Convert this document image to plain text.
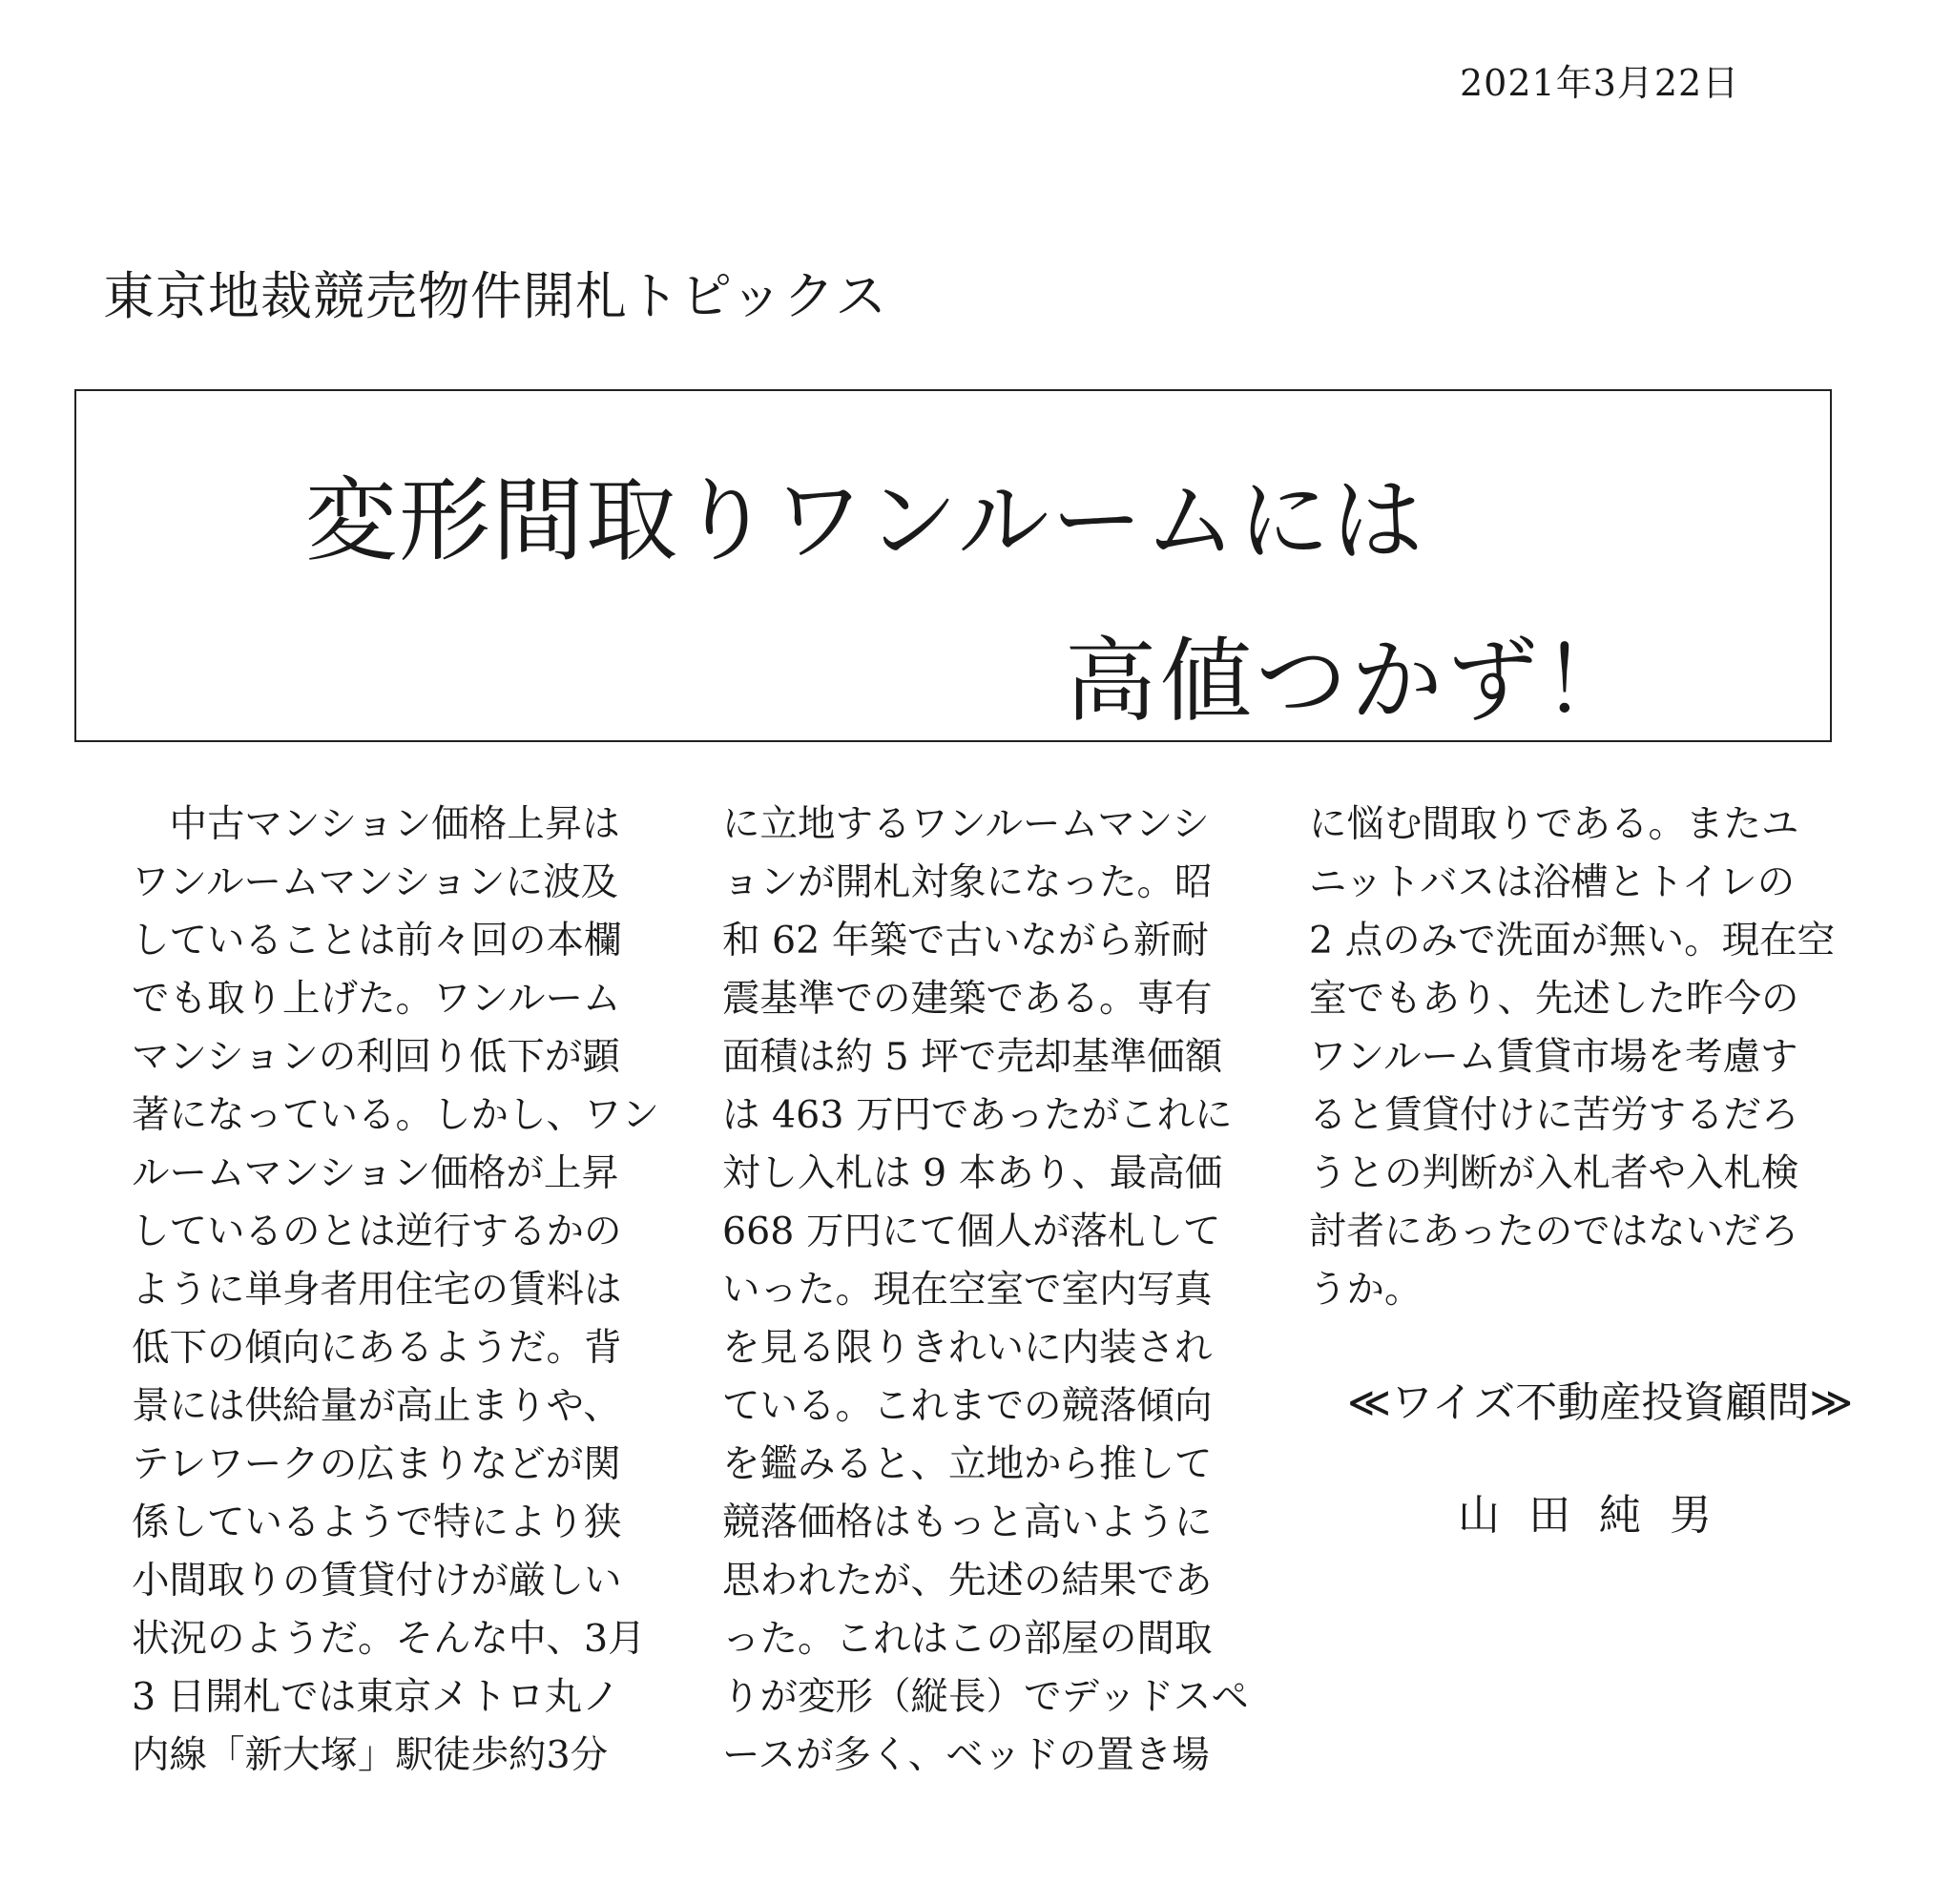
2021年3月22日
東京地裁競売物件開札トピックス
変形間取りワンルームには
高値つかず！
　中古マンション価格上昇は
ワンルームマンションに波及
していることは前々回の本欄
でも取り上げた。ワンルーム
マンションの利回り低下が顕
著になっている。しかし、ワン
ルームマンション価格が上昇
しているのとは逆行するかの
ように単身者用住宅の賃料は
低下の傾向にあるようだ。背
景には供給量が高止まりや、
テレワークの広まりなどが関
係しているようで特により狭
小間取りの賃貸付けが厳しい
状況のようだ。そんな中、3月
3 日開札では東京メトロ丸ノ
内線「新大塚」駅徒歩約3分
に立地するワンルームマンシ
ョンが開札対象になった。昭
和 62 年築で古いながら新耐
震基準での建築である。専有
面積は約 5 坪で売却基準価額
は 463 万円であったがこれに
対し入札は 9 本あり、最高価
668 万円にて個人が落札して
いった。現在空室で室内写真
を見る限りきれいに内装され
ている。これまでの競落傾向
を鑑みると、立地から推して
競落価格はもっと高いように
思われたが、先述の結果であ
った。これはこの部屋の間取
りが変形（縦長）でデッドスペ
ースが多く、ベッドの置き場
に悩む間取りである。またユ
ニットバスは浴槽とトイレの
2 点のみで洗面が無い。現在空
室でもあり、先述した昨今の
ワンルーム賃貸市場を考慮す
ると賃貸付けに苦労するだろ
うとの判断が入札者や入札検
討者にあったのではないだろ
うか。
≪ワイズ不動産投資顧問≫
山田純男
